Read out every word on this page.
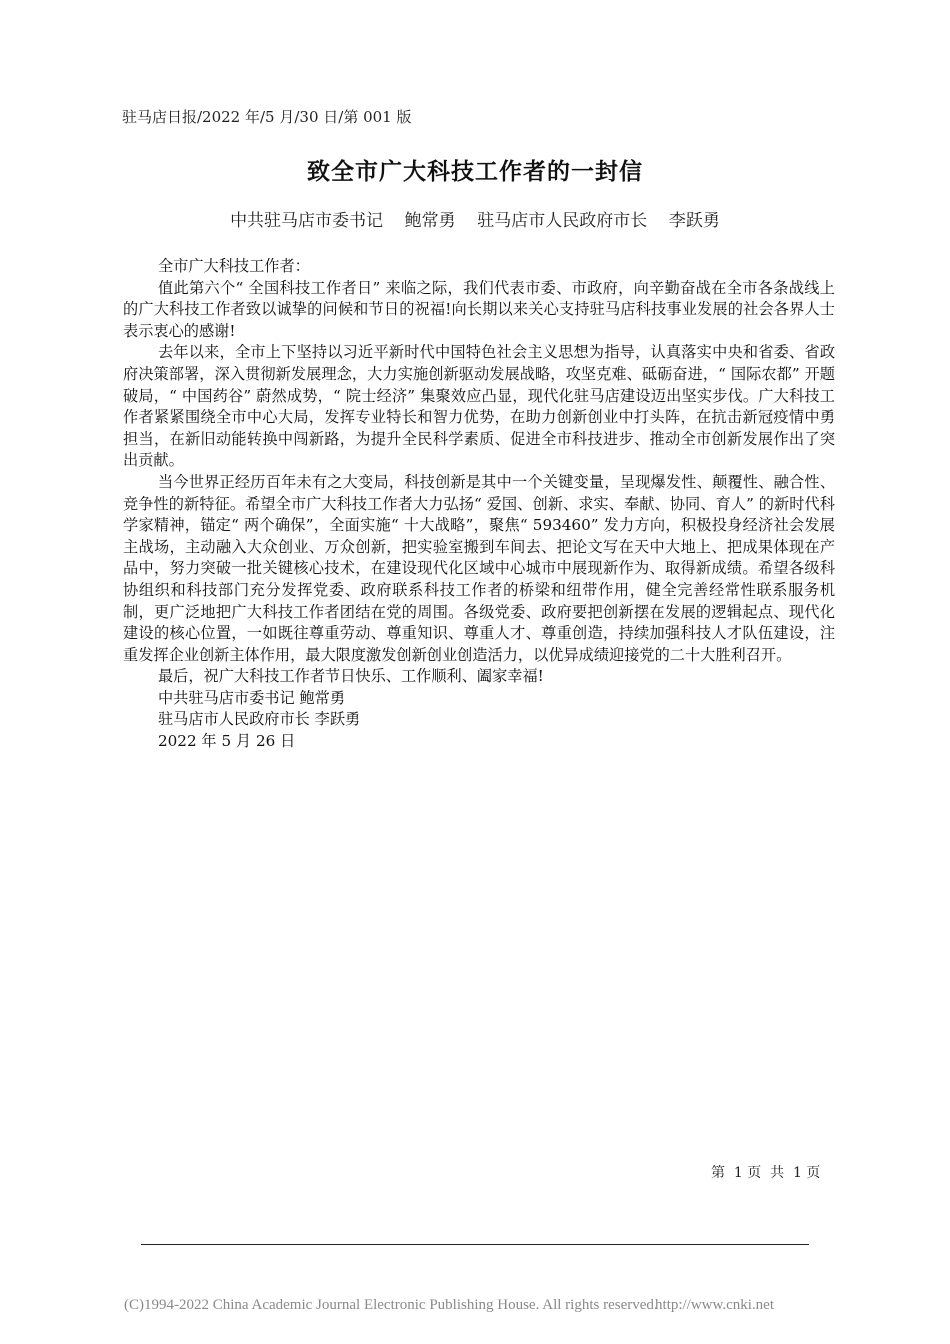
驻马店日报/2022 年/5 月/30 日/第 001 版
致全市广大科技工作者的一封信
中共驻马店市委书记    鲍常勇    驻马店市人民政府市长    李跃勇

全市广大科技工作者：

值此第六个“ 全国科技工作者日” 来临之际，我们代表市委、市政府，向辛勤奋战在全市各条战线上的广大科技工作者致以诚挚的问候和节日的祝福!向长期以来关心支持驻马店科技事业发展的社会各界人士表示衷心的感谢!

去年以来，全市上下坚持以习近平新时代中国特色社会主义思想为指导，认真落实中央和省委、省政府决策部署，深入贯彻新发展理念，大力实施创新驱动发展战略，攻坚克难、砥砺奋进，“ 国际农都” 开题破局，“ 中国药谷” 蔚然成势，“ 院士经济” 集聚效应凸显，现代化驻马店建设迈出坚实步伐。广大科技工作者紧紧围绕全市中心大局，发挥专业特长和智力优势，在助力创新创业中打头阵，在抗击新冠疫情中勇担当，在新旧动能转换中闯新路，为提升全民科学素质、促进全市科技进步、推动全市创新发展作出了突出贡献。

当今世界正经历百年未有之大变局，科技创新是其中一个关键变量，呈现爆发性、颠覆性、融合性、竞争性的新特征。希望全市广大科技工作者大力弘扬“ 爱国、创新、求实、奉献、协同、育人” 的新时代科学家精神，锚定“ 两个确保”，全面实施“ 十大战略”，聚焦“ 593460” 发力方向，积极投身经济社会发展主战场，主动融入大众创业、万众创新，把实验室搬到车间去、把论文写在天中大地上、把成果体现在产品中，努力突破一批关键核心技术，在建设现代化区域中心城市中展现新作为、取得新成绩。希望各级科协组织和科技部门充分发挥党委、政府联系科技工作者的桥梁和纽带作用，健全完善经常性联系服务机制，更广泛地把广大科技工作者团结在党的周围。各级党委、政府要把创新摆在发展的逻辑起点、现代化建设的核心位置，一如既往尊重劳动、尊重知识、尊重人才、尊重创造，持续加强科技人才队伍建设，注重发挥企业创新主体作用，最大限度激发创新创业创造活力，以优异成绩迎接党的二十大胜利召开。

最后，祝广大科技工作者节日快乐、工作顺利、阖家幸福!

中共驻马店市委书记 鲍常勇

驻马店市人民政府市长 李跃勇

2022 年 5 月 26 日

第  1 页  共  1 页
(C)1994-2022 China Academic Journal Electronic Publishing House. All rights reserved.
http://www.cnki.net
